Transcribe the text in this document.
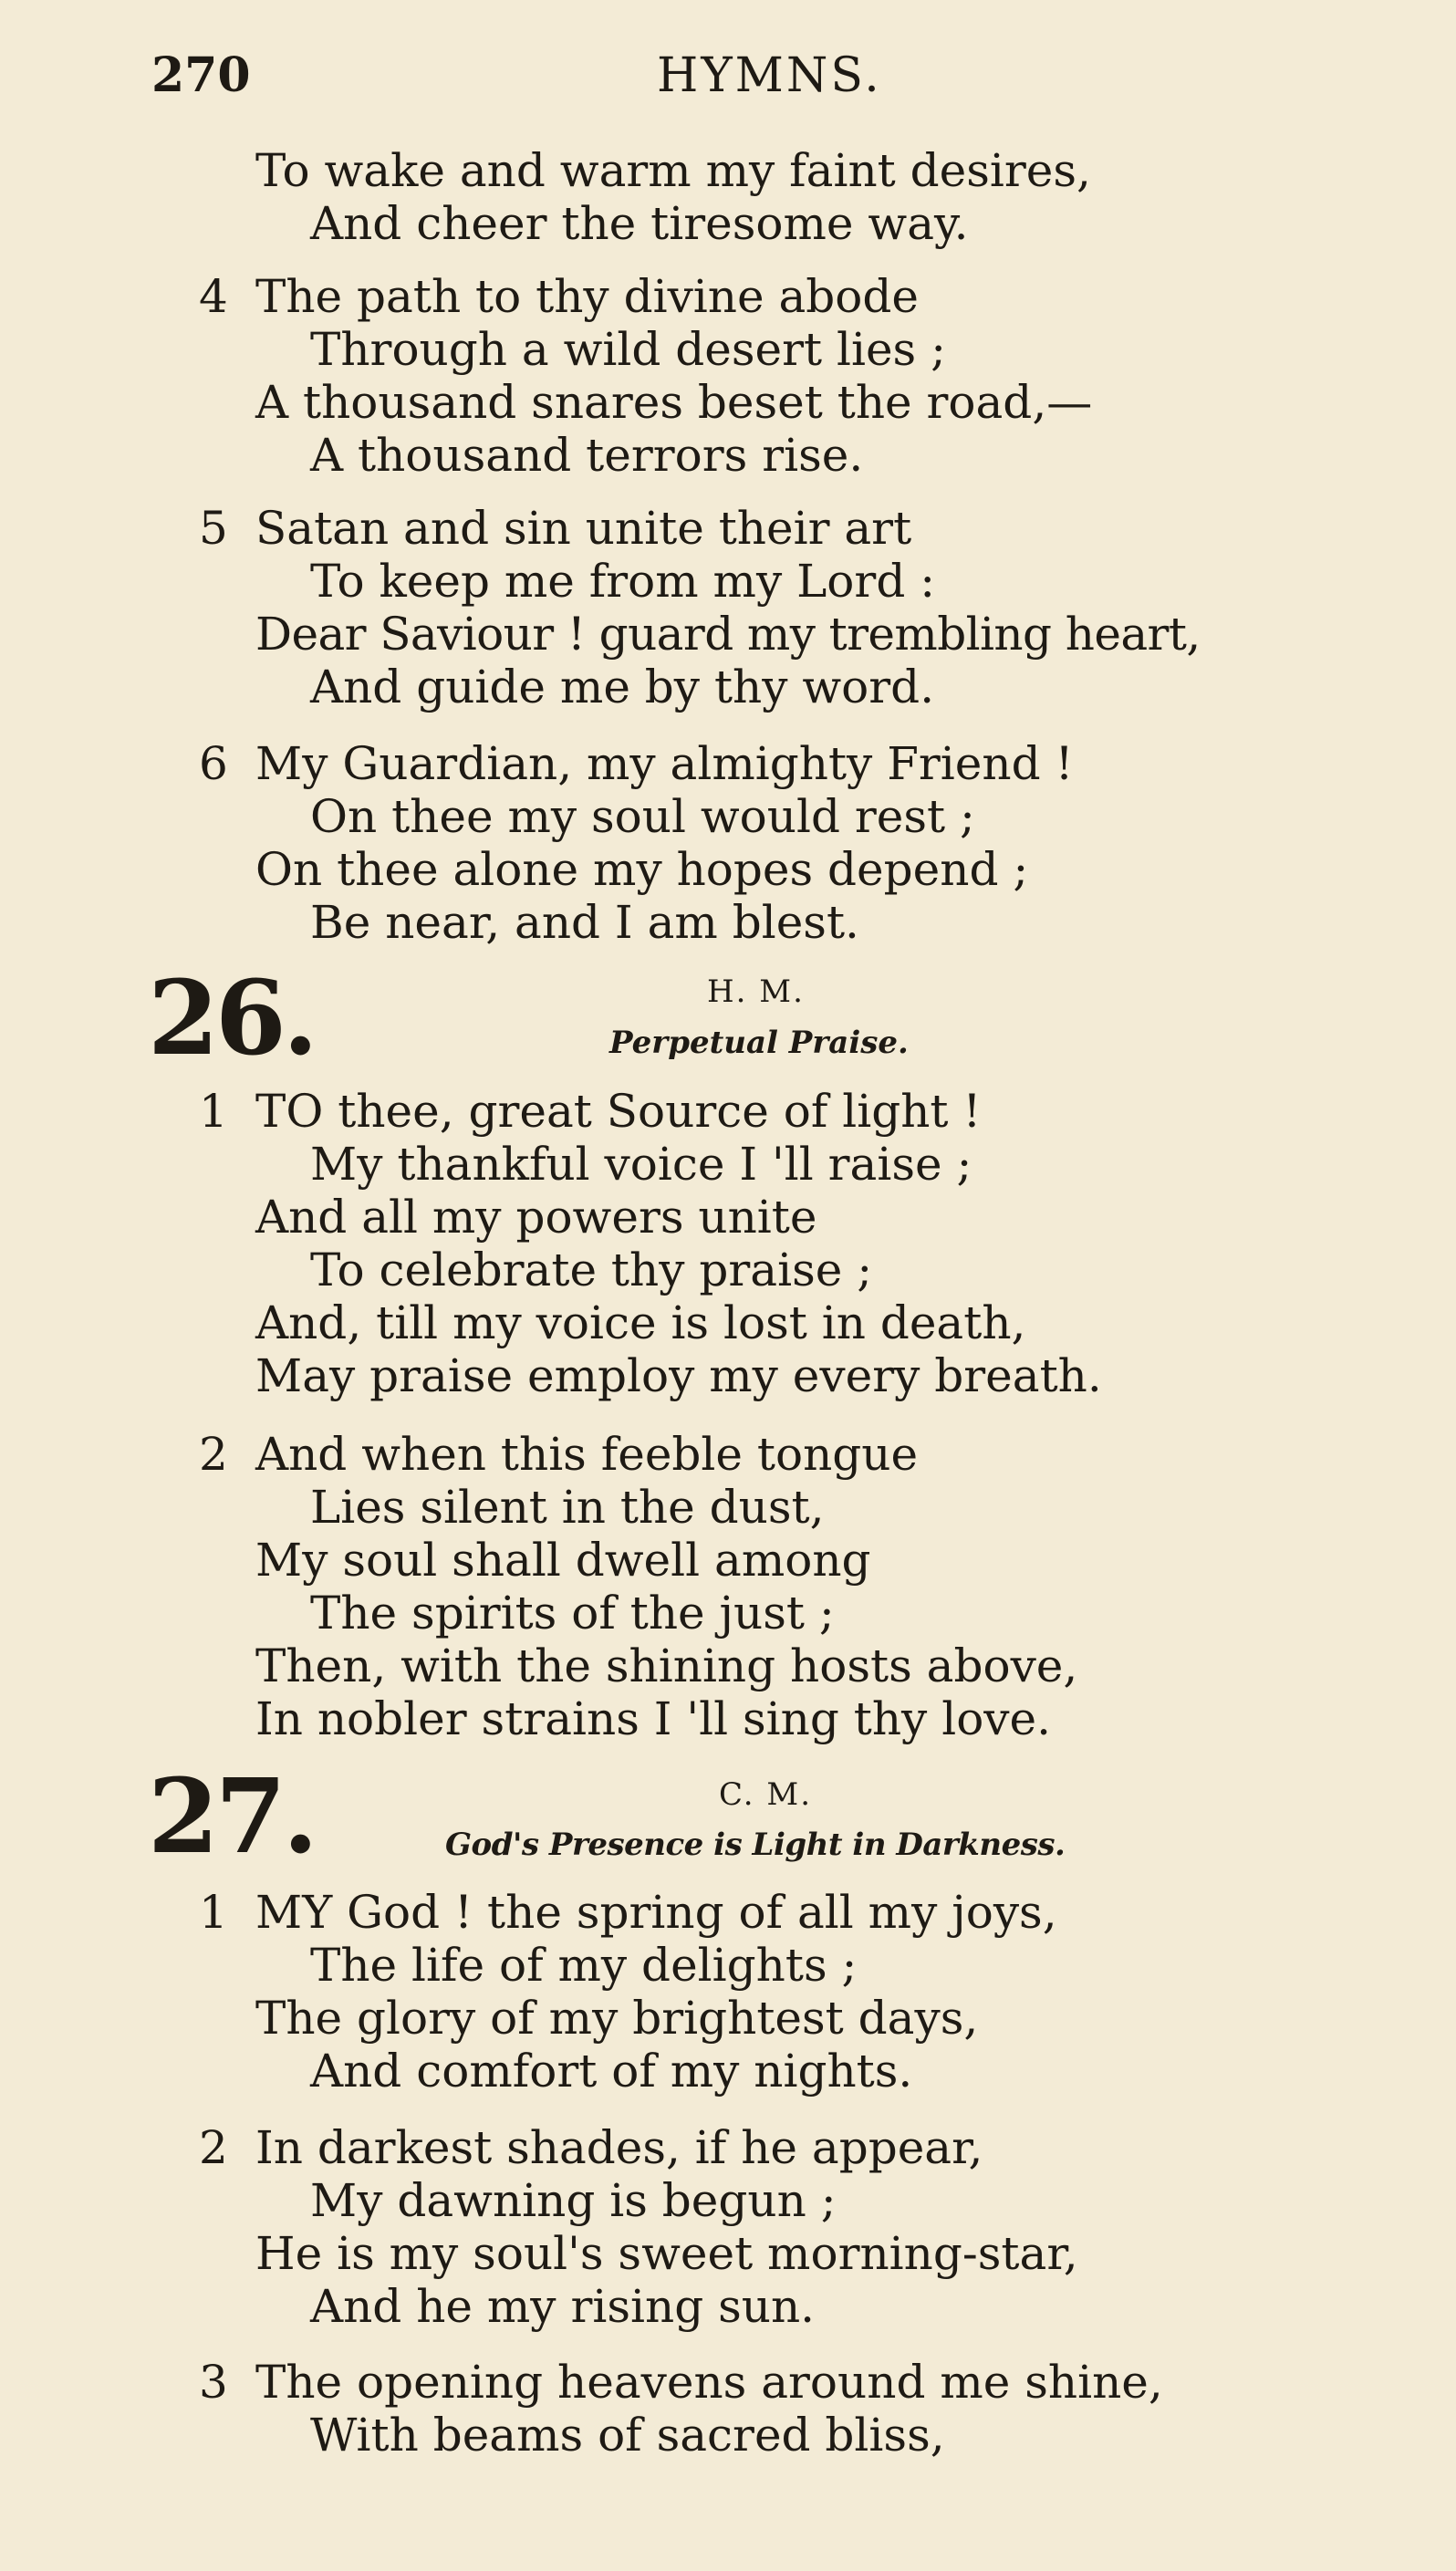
270	HYMNS.
To wake and warm my faint desires,
And cheer the tiresome way.
4 The path to thy divine abode
Through a wild desert lies ;
A thousand snares beset the road,—
A thousand terrors rise.
5 Satan and sin unite their art
To keep me from my Lord :
Dear Saviour ! guard my trembling heart,
And guide me by thy word.
6 My Guardian, my almighty Friend !
On thee my soul would rest ;
On thee alone my hopes depend ;
Be near, and I am blest.
26.	H. M.
Perpetual Praise.
1 TO thee, great Source of light !
My thankful voice I 'll raise ;
And all my powers unite
To celebrate thy praise ;
And, till my voice is lost in death,
May praise employ my every breath.
2 And when this feeble tongue
Lies silent in the dust,
My soul shall dwell among
The spirits of the just ;
Then, with the shining hosts above,
In nobler strains I 'll sing thy love.
27.	C. M.
God's Presence is Light in Darkness.
1 MY God ! the spring of all my joys,
The life of my delights ;
The glory of my brightest days,
And comfort of my nights.
2 In darkest shades, if he appear,
My dawning is begun ;
He is my soul's sweet morning-star,
And he my rising sun.
3 The opening heavens around me shine,
With beams of sacred bliss,
